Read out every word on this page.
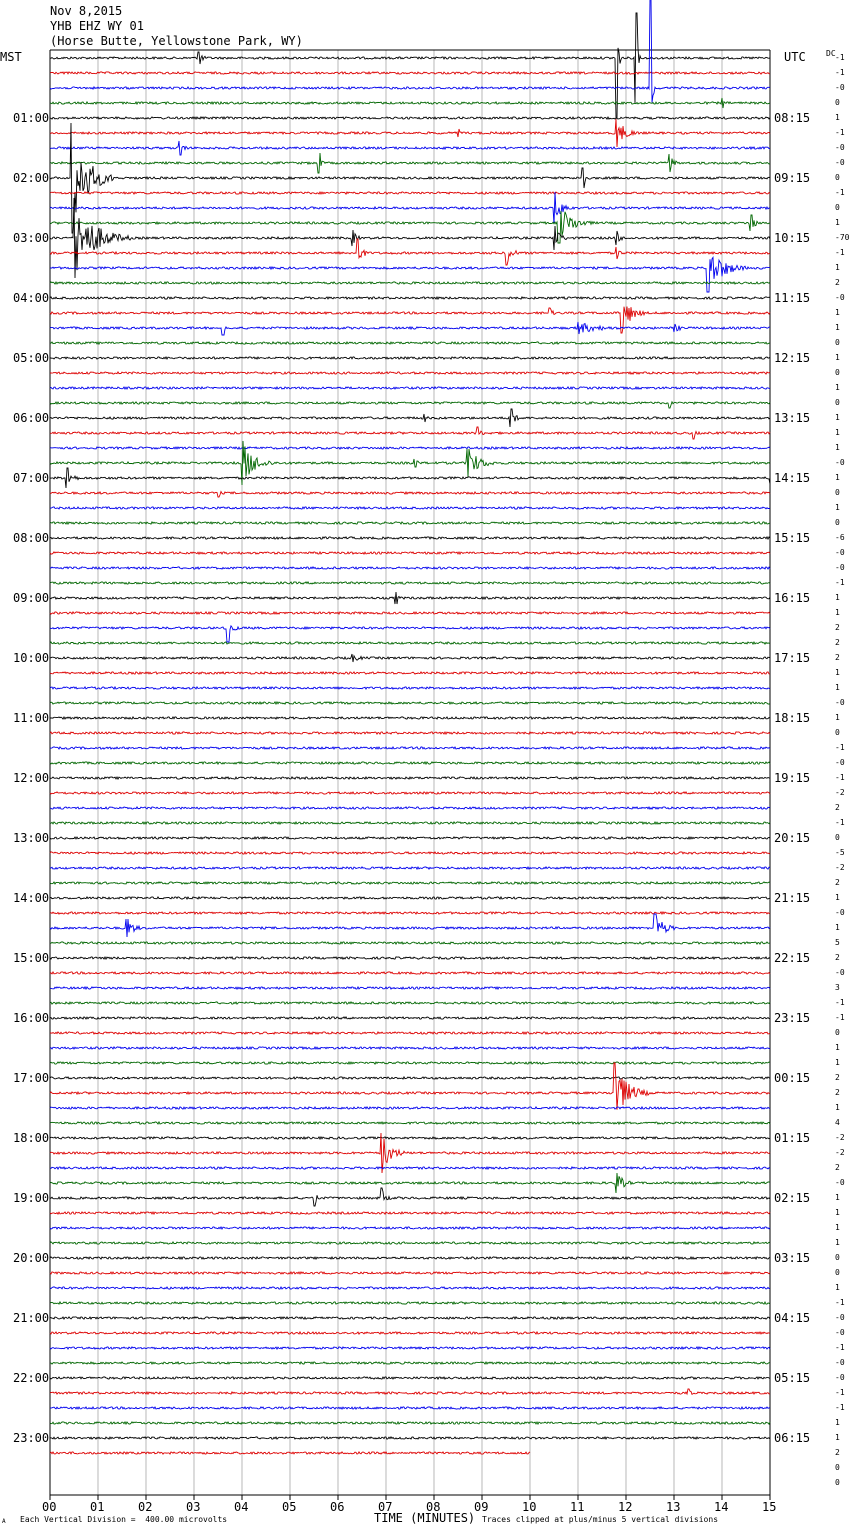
Nov 8,2015
YHB EHZ WY 01
(Horse Butte, Yellowstone Park, WY)
MST	UTC	DC
01:00
02:00
03:00
04:00
05:00
06:00
07:00
08:00
09:00
10:00
11:00
12:00
13:00
14:00
15:00
16:00
17:00
18:00
19:00
20:00
21:00
22:00
23:00
08:15
09:15
10:15
11:15
12:15
13:15
14:15
15:15
16:15
17:15
18:15
19:15
20:15
21:15
22:15
23:15
00:15
01:15
02:15
03:15
04:15
05:15
06:15
-1
-1
-0
0
1
-1
-0
-0
0
-1
0
1
-70
-1
1
2
-0
1
1
0
1
0
1
0
1
1
1
-0
1
0
1
0
-6
-0
-0
-1
1
1
2
2
2
1
1
-0
1
0
-1
-0
-1
-2
2
-1
0
-5
-2
2
1
-0
1
5
2
-0
3
-1
-1
0
1
1
2
2
1
4
-2
-2
2
-0
1
1
1
1
0
0
1
-1
-0
-0
-1
-0
-0
-1
-1
1
1
2
0
0
00	01	02	03	04	05	06	07	08	09	10	11	12	13	14	15
A Each Vertical Division =  400.00 microvolts	TIME (MINUTES) Traces clipped at plus/minus 5 vertical divisions
